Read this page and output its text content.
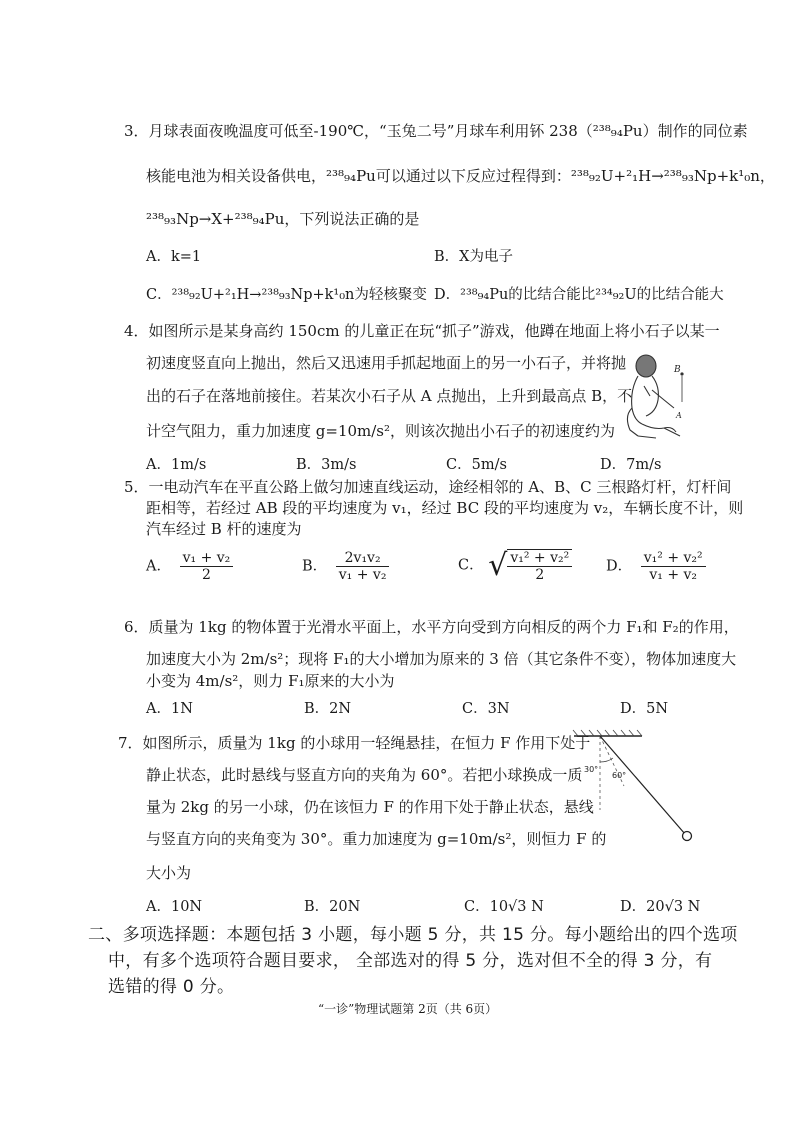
3．月球表面夜晚温度可低至-190℃，“玉兔二号”月球车利用钚 238（²³⁸₉₄Pu）制作的同位素
核能电池为相关设备供电，²³⁸₉₄Pu可以通过以下反应过程得到：²³⁸₉₂U+²₁H→²³⁸₉₃Np+k¹₀n，
²³⁸₉₃Np→X+²³⁸₉₄Pu，下列说法正确的是
A．k=1	B．X为电子
C．²³⁸₉₂U+²₁H→²³⁸₉₃Np+k¹₀n为轻核聚变 D．²³⁸₉₄Pu的比结合能比²³⁴₉₂U的比结合能大
4．如图所示是某身高约 150cm 的儿童正在玩“抓子”游戏，他蹲在地面上将小石子以某一
初速度竖直向上抛出，然后又迅速用手抓起地面上的另一小石子，并将抛
出的石子在落地前接住。若某次小石子从 A 点抛出，上升到最高点 B，不
计空气阻力，重力加速度 g=10m/s²，则该次抛出小石子的初速度约为
A．1m/s	B．3m/s	C．5m/s	D．7m/s
B
A
5．一电动汽车在平直公路上做匀加速直线运动，途经相邻的 A、B、C 三根路灯杆，灯杆间
距相等，若经过 AB 段的平均速度为 v₁，经过 BC 段的平均速度为 v₂，车辆长度不计，则
汽车经过 B 杆的速度为
A． $\frac{\text{v₁ + v₂}}{2}$	B． $\frac{\text{2v₁v₂}}{\text{v₁ + v₂}}$	C． √ $\frac{\text{v₁² + v₂²}}{2}$ D． $\frac{\text{v₁² + v₂²}}{\text{v₁ + v₂}}$
6．质量为 1kg 的物体置于光滑水平面上，水平方向受到方向相反的两个力 F₁和 F₂的作用，
加速度大小为 2m/s²；现将 F₁的大小增加为原来的 3 倍（其它条件不变），物体加速度大
小变为 4m/s²，则力 F₁原来的大小为
A．1N	B．2N	C．3N	D．5N
7．如图所示，质量为 1kg 的小球用一轻绳悬挂，在恒力 F 作用下处于
静止状态，此时悬线与竖直方向的夹角为 60°。若把小球换成一质
量为 2kg 的另一小球，仍在该恒力 F 的作用下处于静止状态，悬线
与竖直方向的夹角变为 30°。重力加速度为 g=10m/s²，则恒力 F 的
大小为
A．10N	B．20N	C．10√3 N	D．20√3 N
30°
60°
二、多项选择题：本题包括 3 小题，每小题 5 分，共 15 分。每小题给出的四个选项
中，有多个选项符合题目要求， 全部选对的得 5 分，选对但不全的得 3 分，有
选错的得 0 分。
“一诊”物理试题第 2页（共 6页）
